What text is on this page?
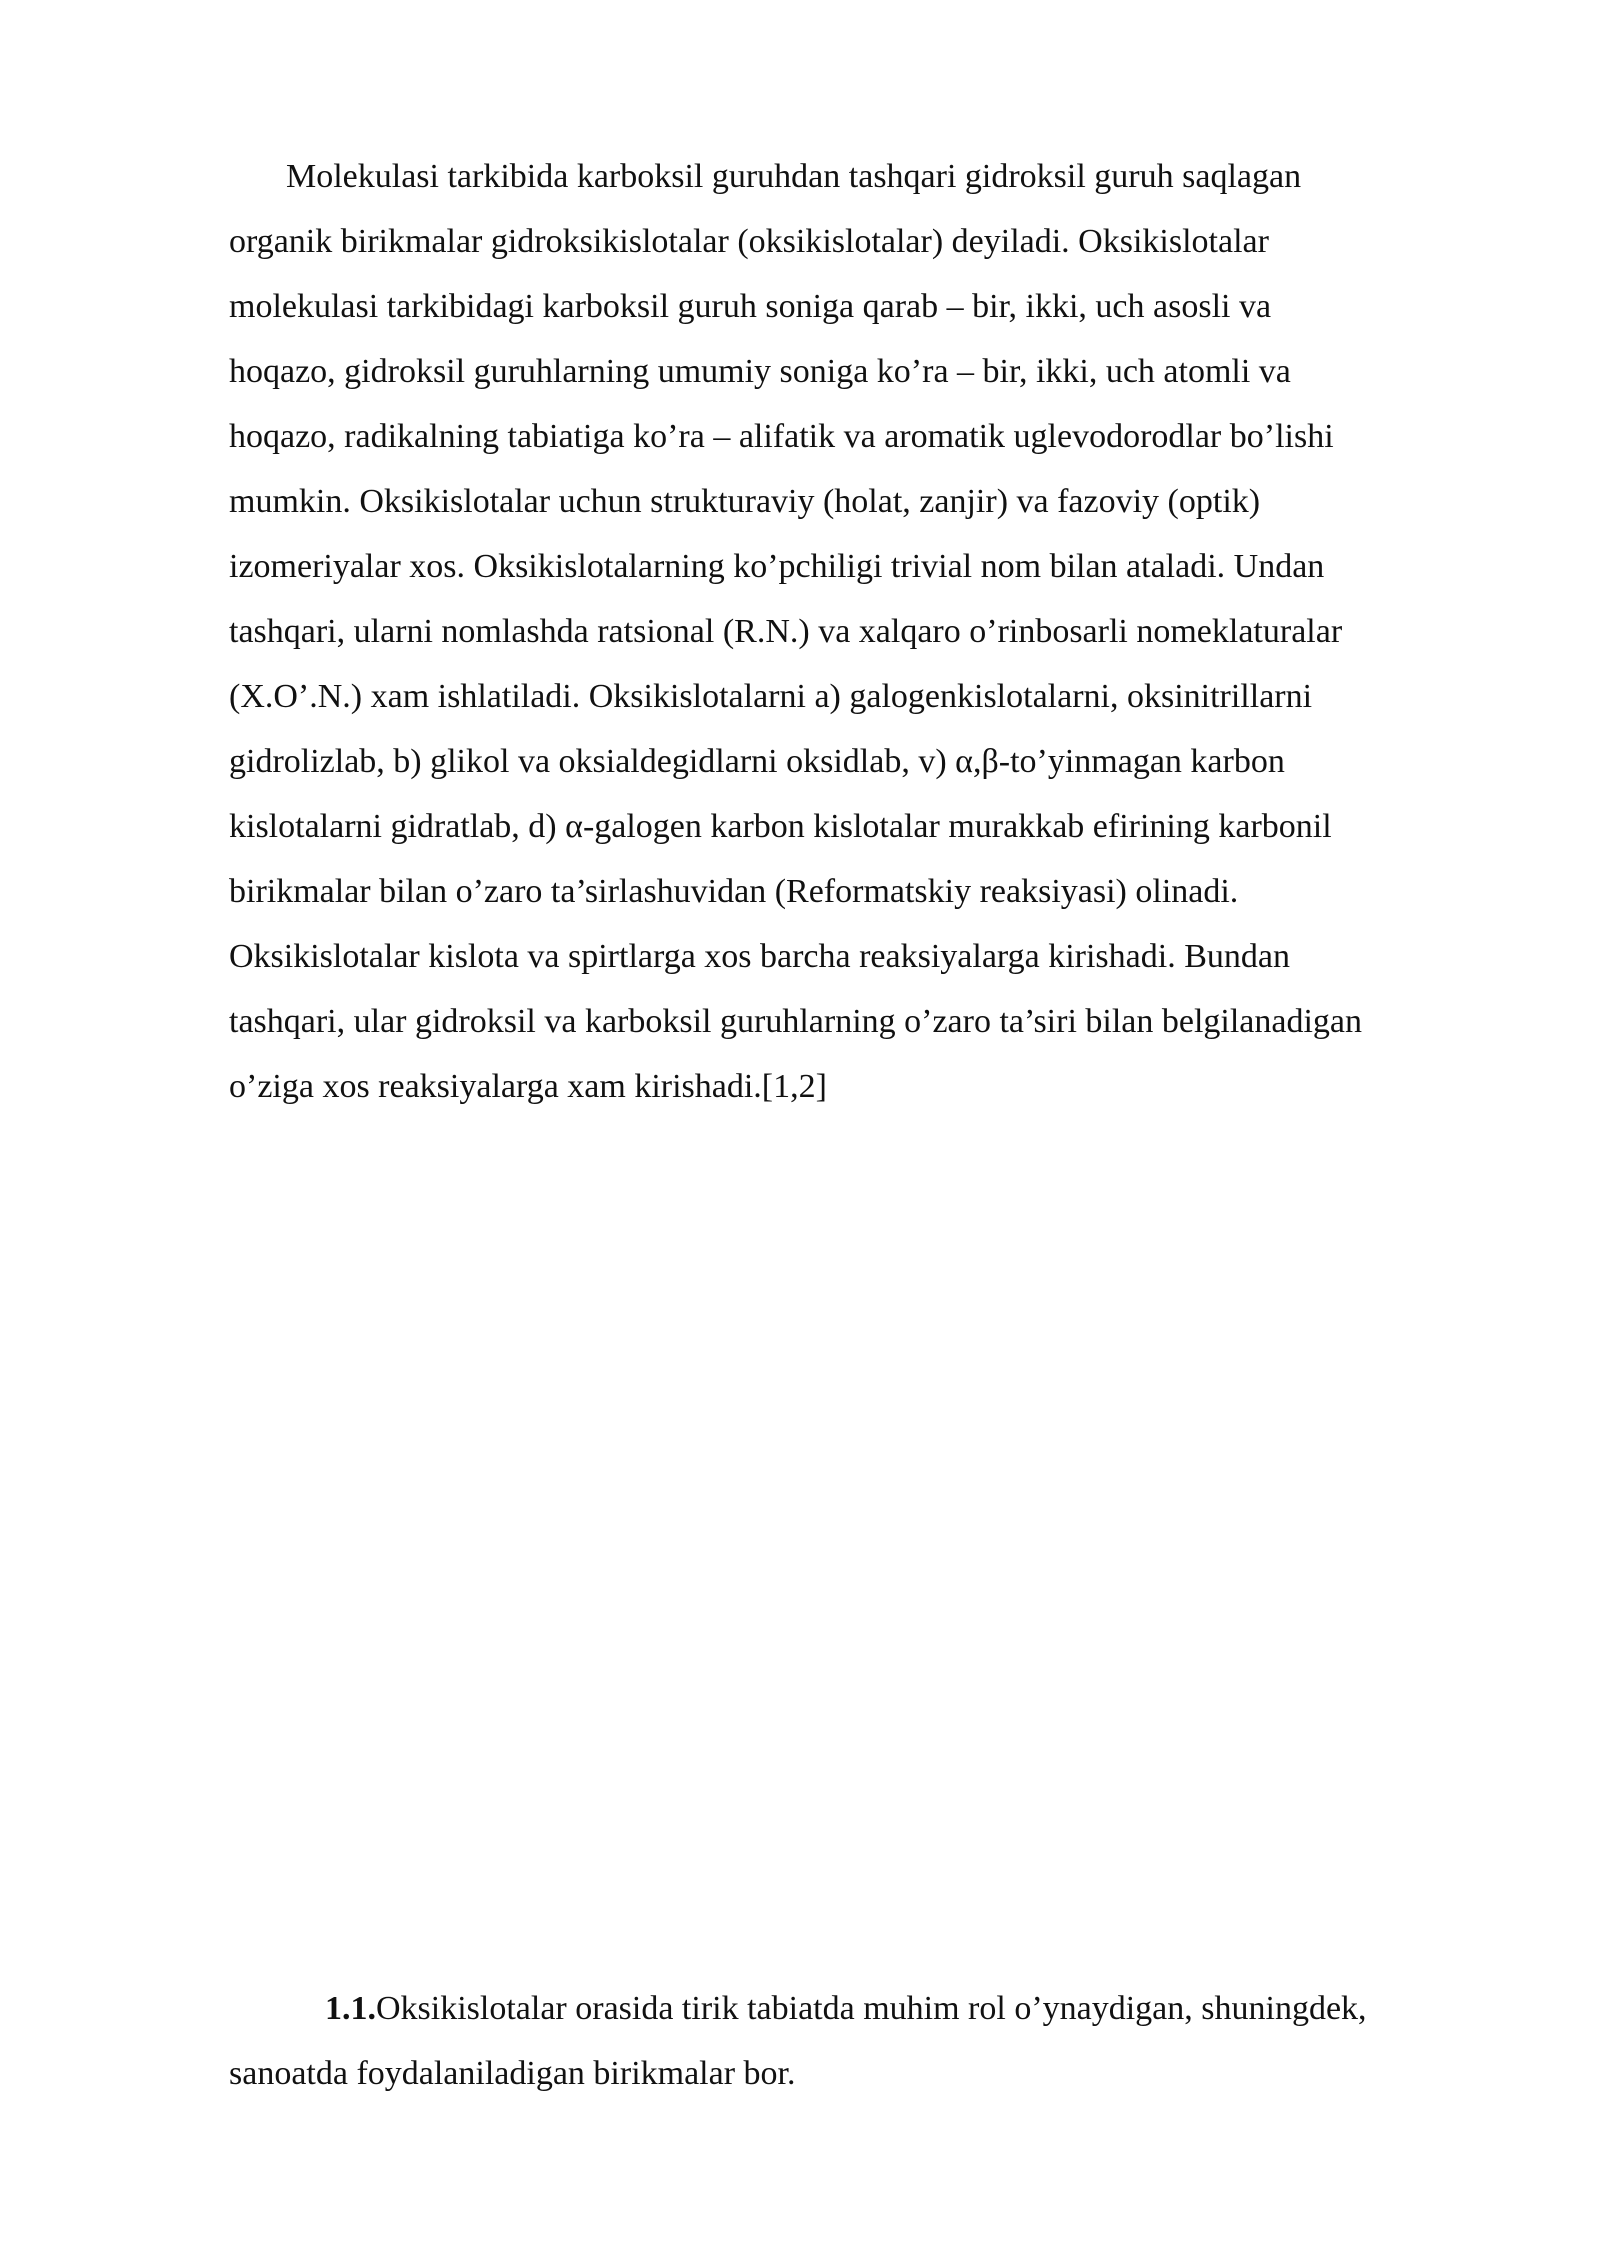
Molekulasi tarkibida karboksil guruhdan tashqari gidroksil guruh saqlagan
organik birikmalar gidroksikislotalar (oksikislotalar) deyiladi. Oksikislotalar
molekulasi tarkibidagi karboksil guruh soniga qarab – bir, ikki, uch asosli va
hoqazo, gidroksil guruhlarning umumiy soniga ko’ra – bir, ikki, uch atomli va
hoqazo, radikalning tabiatiga ko’ra – alifatik va aromatik uglevodorodlar bo’lishi
mumkin. Oksikislotalar uchun strukturaviy (holat, zanjir) va fazoviy (optik)
izomeriyalar xos. Oksikislotalarning ko’pchiligi trivial nom bilan ataladi. Undan
tashqari, ularni nomlashda ratsional (R.N.) va xalqaro o’rinbosarli nomeklaturalar
(X.O’.N.) xam ishlatiladi. Oksikislotalarni a) galogenkislotalarni, oksinitrillarni
gidrolizlab, b) glikol va oksialdegidlarni oksidlab, v) α,β-to’yinmagan karbon
kislotalarni gidratlab, d) α-galogen karbon kislotalar murakkab efirining karbonil
birikmalar bilan o’zaro ta’sirlashuvidan (Reformatskiy reaksiyasi) olinadi.
Oksikislotalar kislota va spirtlarga xos barcha reaksiyalarga kirishadi. Bundan
tashqari, ular gidroksil va karboksil guruhlarning o’zaro ta’siri bilan belgilanadigan
o’ziga xos reaksiyalarga xam kirishadi.[1,2]
1.1.Oksikislotalar orasida tirik tabiatda muhim rol o’ynaydigan, shuningdek,
sanoatda foydalaniladigan birikmalar bor.
